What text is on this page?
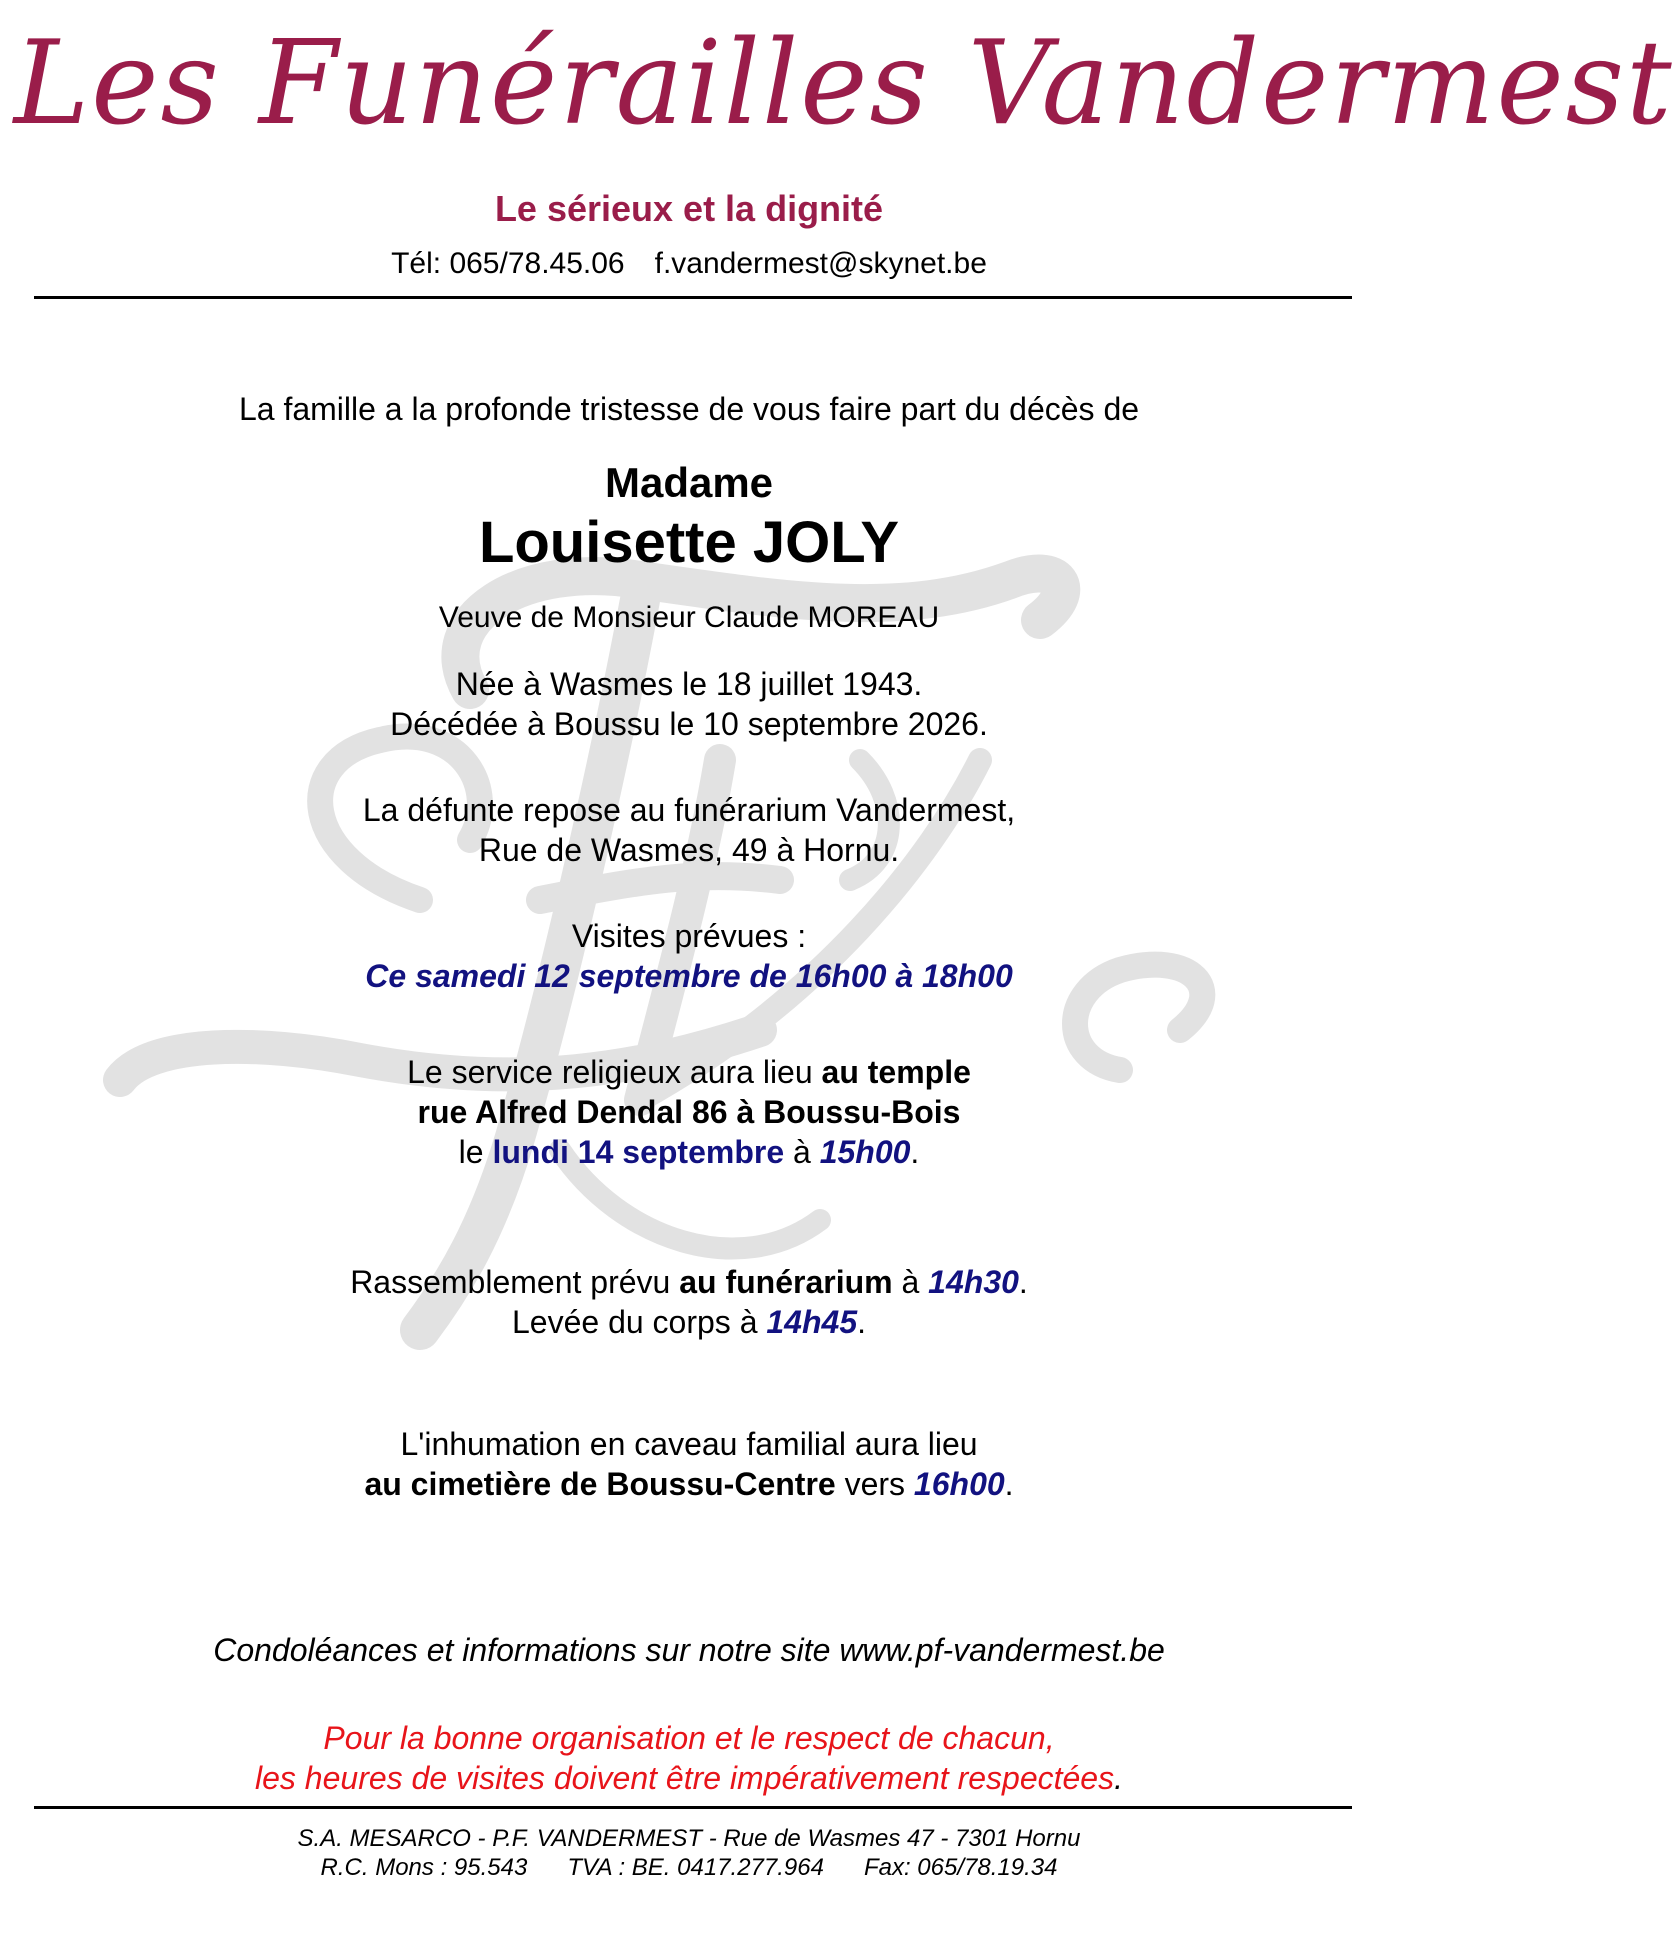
Les Funérailles Vandermest
Le sérieux et la dignité
Tél: 065/78.45.06 f.vandermest@skynet.be
La famille a la profonde tristesse de vous faire part du décès de
Madame
Louisette JOLY
Veuve de Monsieur Claude MOREAU
Née à Wasmes le 18 juillet 1943.
Décédée à Boussu le 10 septembre 2026.
La défunte repose au funérarium Vandermest,
Rue de Wasmes, 49 à Hornu.
Visites prévues :
Ce samedi 12 septembre de 16h00 à 18h00
Le service religieux aura lieu au temple
rue Alfred Dendal 86 à Boussu-Bois
le lundi 14 septembre à 15h00.
Rassemblement prévu au funérarium à 14h30.
Levée du corps à 14h45.
L'inhumation en caveau familial aura lieu
au cimetière de Boussu-Centre vers 16h00.
Condoléances et informations sur notre site www.pf-vandermest.be
Pour la bonne organisation et le respect de chacun,
les heures de visites doivent être impérativement respectées.
S.A. MESARCO - P.F. VANDERMEST - Rue de Wasmes 47 - 7301 Hornu
R.C. Mons : 95.543 TVA : BE. 0417.277.964 Fax: 065/78.19.34
